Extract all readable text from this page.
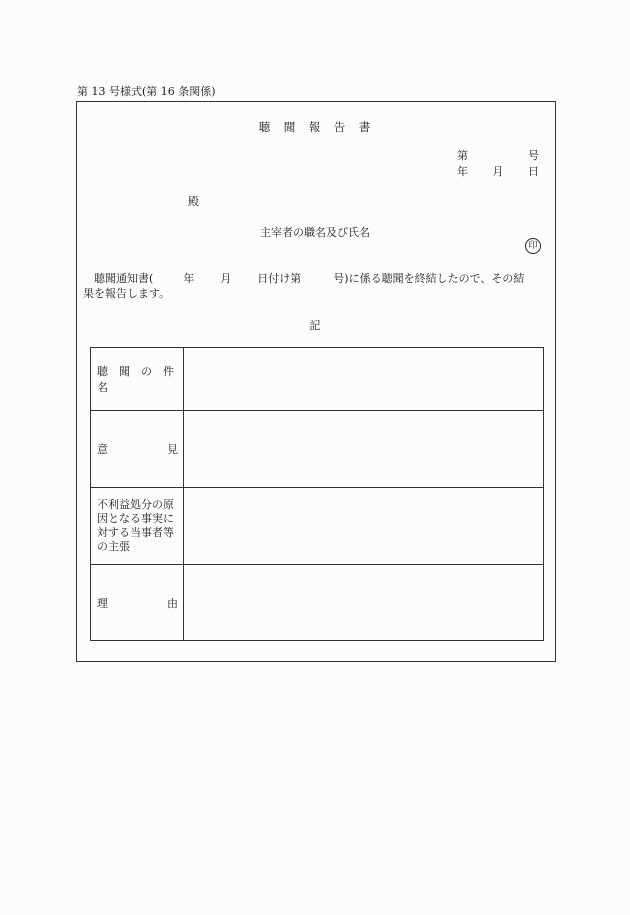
第 13 号様式(第 16 条関係)
聴　聞　報　告　書
第	号
年 月 日
殿
主宰者の職名及び氏名
印
聴聞通知書(	年 月 日付け第	号)に係る聴聞を終結したので、その結
果を報告します。
記
聴　聞　の　件　名	

意 見	

不利益処分の原因となる事実に対する当事者等の主張	

理 由	
